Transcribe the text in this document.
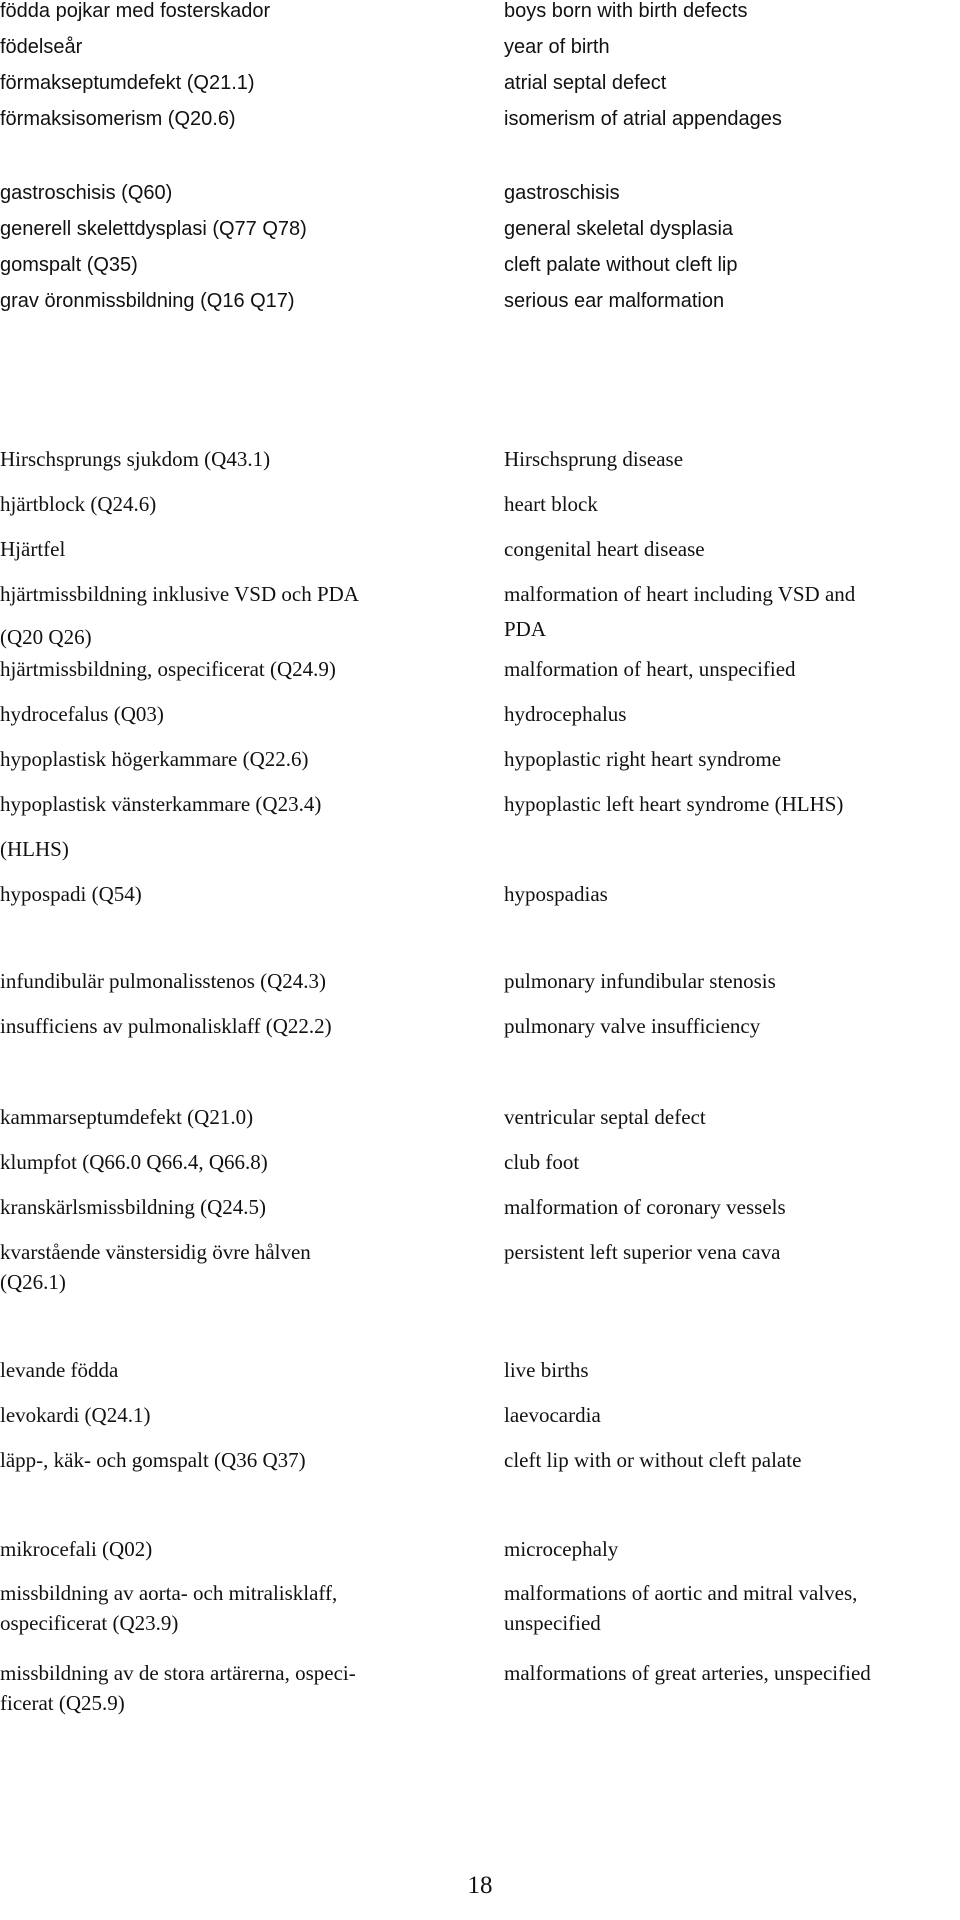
födda pojkar med fosterskador	boys born with birth defects
födelseår	year of birth
förmakseptumdefekt (Q21.1)	atrial septal defect
förmaksisomerism (Q20.6)	isomerism of atrial appendages
gastroschisis (Q60)	gastroschisis
generell skelettdysplasi (Q77 Q78)	general skeletal dysplasia
gomspalt (Q35)	cleft palate without cleft lip
grav öronmissbildning (Q16 Q17)	serious ear malformation
Hirschsprungs sjukdom (Q43.1)	Hirschsprung disease
hjärtblock (Q24.6)	heart block
Hjärtfel	congenital heart disease
hjärtmissbildning inklusive VSD och PDA	malformation of heart including VSD and
(Q20 Q26)	PDA
hjärtmissbildning, ospecificerat (Q24.9)	malformation of heart, unspecified
hydrocefalus (Q03)	hydrocephalus
hypoplastisk högerkammare (Q22.6)	hypoplastic right heart syndrome
hypoplastisk vänsterkammare (Q23.4)	hypoplastic left heart syndrome (HLHS)
(HLHS)
hypospadi (Q54)	hypospadias
infundibulär pulmonalisstenos (Q24.3)	pulmonary infundibular stenosis
insufficiens av pulmonalisklaff (Q22.2)	pulmonary valve insufficiency
kammarseptumdefekt (Q21.0)	ventricular septal defect
klumpfot (Q66.0 Q66.4, Q66.8)	club foot
kranskärlsmissbildning (Q24.5)	malformation of coronary vessels
kvarstående vänstersidig övre hålven	persistent left superior vena cava
(Q26.1)
levande födda	live births
levokardi (Q24.1)	laevocardia
läpp-, käk- och gomspalt (Q36 Q37)	cleft lip with or without cleft palate
mikrocefali (Q02)	microcephaly
missbildning av aorta- och mitralisklaff,	malformations of aortic and mitral valves,
ospecificerat (Q23.9)	unspecified
missbildning av de stora artärerna, ospeci-	malformations of great arteries, unspecified
ficerat (Q25.9)
18
